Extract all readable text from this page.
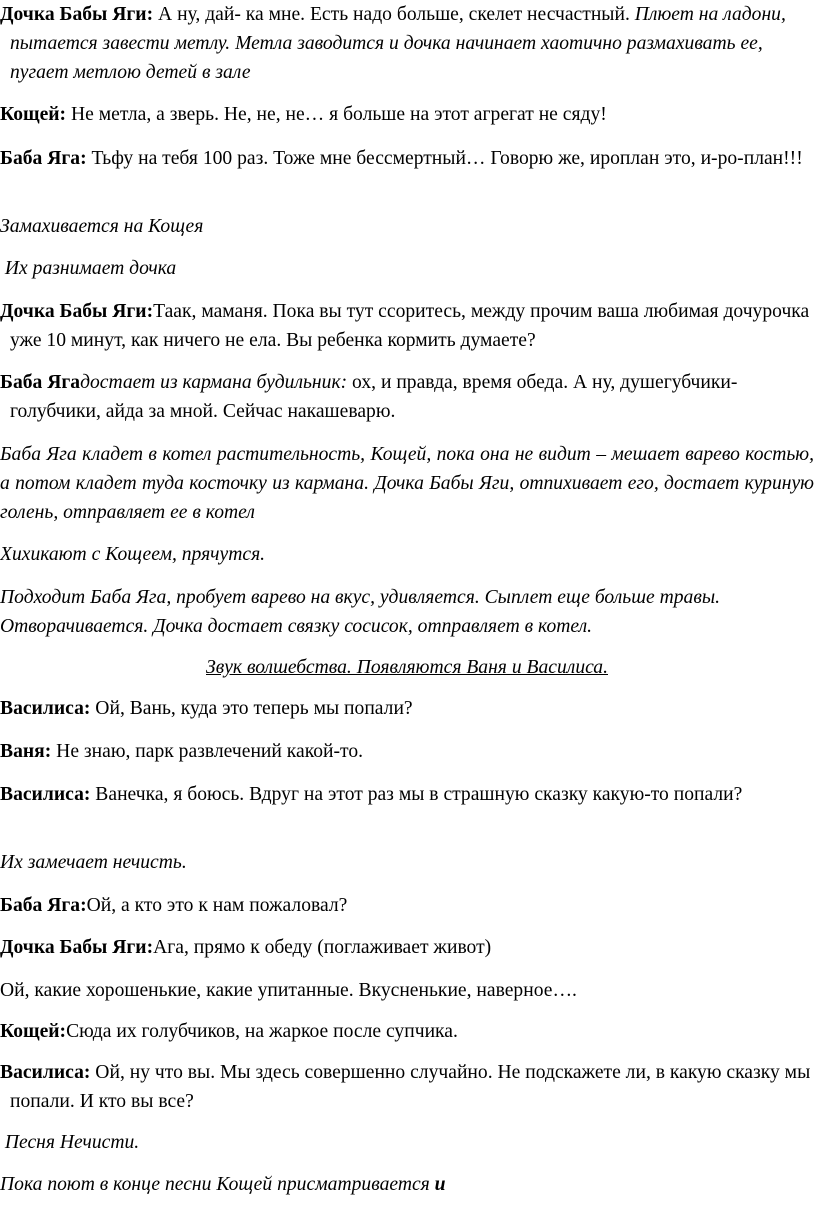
Дочка Бабы Яги: А ну, дай- ка мне. Есть надо больше, скелет несчастный. Плюет на ладони, пытается завести метлу. Метла заводится и дочка начинает хаотично размахивать ее, пугает метлою детей в зале
Кощей: Не метла, а зверь. Не, не, не… я больше на этот агрегат не сяду!
Баба Яга: Тьфу на тебя 100 раз. Тоже мне бессмертный… Говорю же, ироплан это, и-ро-план!!!
Замахивается на Кощея
Их разнимает дочка
Дочка Бабы Яги:Таак, маманя. Пока вы тут ссоритесь, между прочим ваша любимая дочурочка уже 10 минут, как ничего не ела. Вы ребенка кормить думаете?
Баба Ягадостает из кармана будильник: ох, и правда, время обеда. А ну, душегубчики- голубчики, айда за мной. Сейчас накашеварю.
Баба Яга кладет в котел растительность, Кощей, пока она не видит – мешает варево костью, а потом кладет туда косточку из кармана. Дочка Бабы Яги, отпихивает его, достает куриную голень, отправляет ее в котел
Хихикают с Кощеем, прячутся.
Подходит Баба Яга, пробует варево на вкус, удивляется. Сыплет еще больше травы. Отворачивается. Дочка достает связку сосисок, отправляет в котел.
Звук волшебства. Появляются Ваня и Василиса.
Василиса: Ой, Вань, куда это теперь мы попали?
Ваня: Не знаю, парк развлечений какой-то.
Василиса: Ванечка, я боюсь. Вдруг на этот раз мы в страшную сказку какую-то попали?
Их замечает нечисть.
Баба Яга:Ой, а кто это к нам пожаловал?
Дочка Бабы Яги:Ага, прямо к обеду (поглаживает живот)
Ой, какие хорошенькие, какие упитанные. Вкусненькие, наверное….
Кощей:Сюда их голубчиков, на жаркое после супчика.
Василиса: Ой, ну что вы. Мы здесь совершенно случайно. Не подскажете ли, в какую сказку мы попали. И кто вы все?
Песня Нечисти.
Пока поют в конце песни Кощей присматривается и
